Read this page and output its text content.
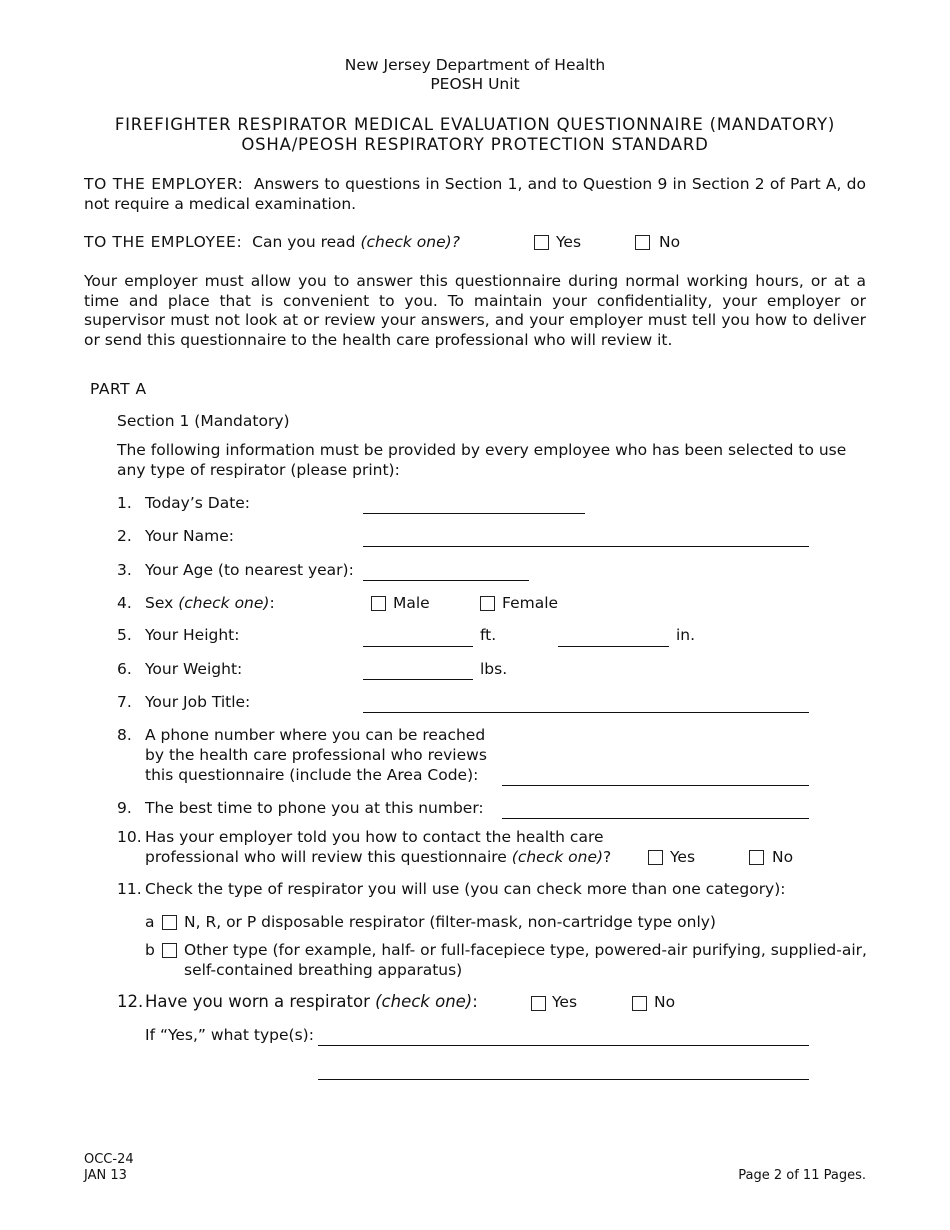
New Jersey Department of Health
PEOSH Unit
FIREFIGHTER RESPIRATOR MEDICAL EVALUATION QUESTIONNAIRE (MANDATORY)
OSHA/PEOSH RESPIRATORY PROTECTION STANDARD
TO THE EMPLOYER: Answers to questions in Section 1, and to Question 9 in Section 2 of Part A, do not require a medical examination.
TO THE EMPLOYEE: Can you read (check one)?	Yes	No
Your employer must allow you to answer this questionnaire during normal working hours, or at a time and place that is convenient to you. To maintain your confidentiality, your employer or supervisor must not look at or review your answers, and your employer must tell you how to deliver or send this questionnaire to the health care professional who will review it.
PART A
Section 1 (Mandatory)
The following information must be provided by every employee who has been selected to use any type of respirator (please print):
1. Today’s Date:
2. Your Name:
3. Your Age (to nearest year):
4. Sex (check one):	Male	Female
5. Your Height:	ft.	in.
6. Your Weight:	lbs.
7. Your Job Title:
8. A phone number where you can be reached
by the health care professional who reviews
this questionnaire (include the Area Code):
9. The best time to phone you at this number:
10. Has your employer told you how to contact the health care
professional who will review this questionnaire (check one)?	Yes	No
11. Check the type of respirator you will use (you can check more than one category):
a N, R, or P disposable respirator (filter-mask, non-cartridge type only)
b Other type (for example, half- or full-facepiece type, powered-air purifying, supplied-air,
self-contained breathing apparatus)
12. Have you worn a respirator (check one):	Yes	No
If “Yes,” what type(s):
OCC-24
JAN 13	Page 2 of 11 Pages.
